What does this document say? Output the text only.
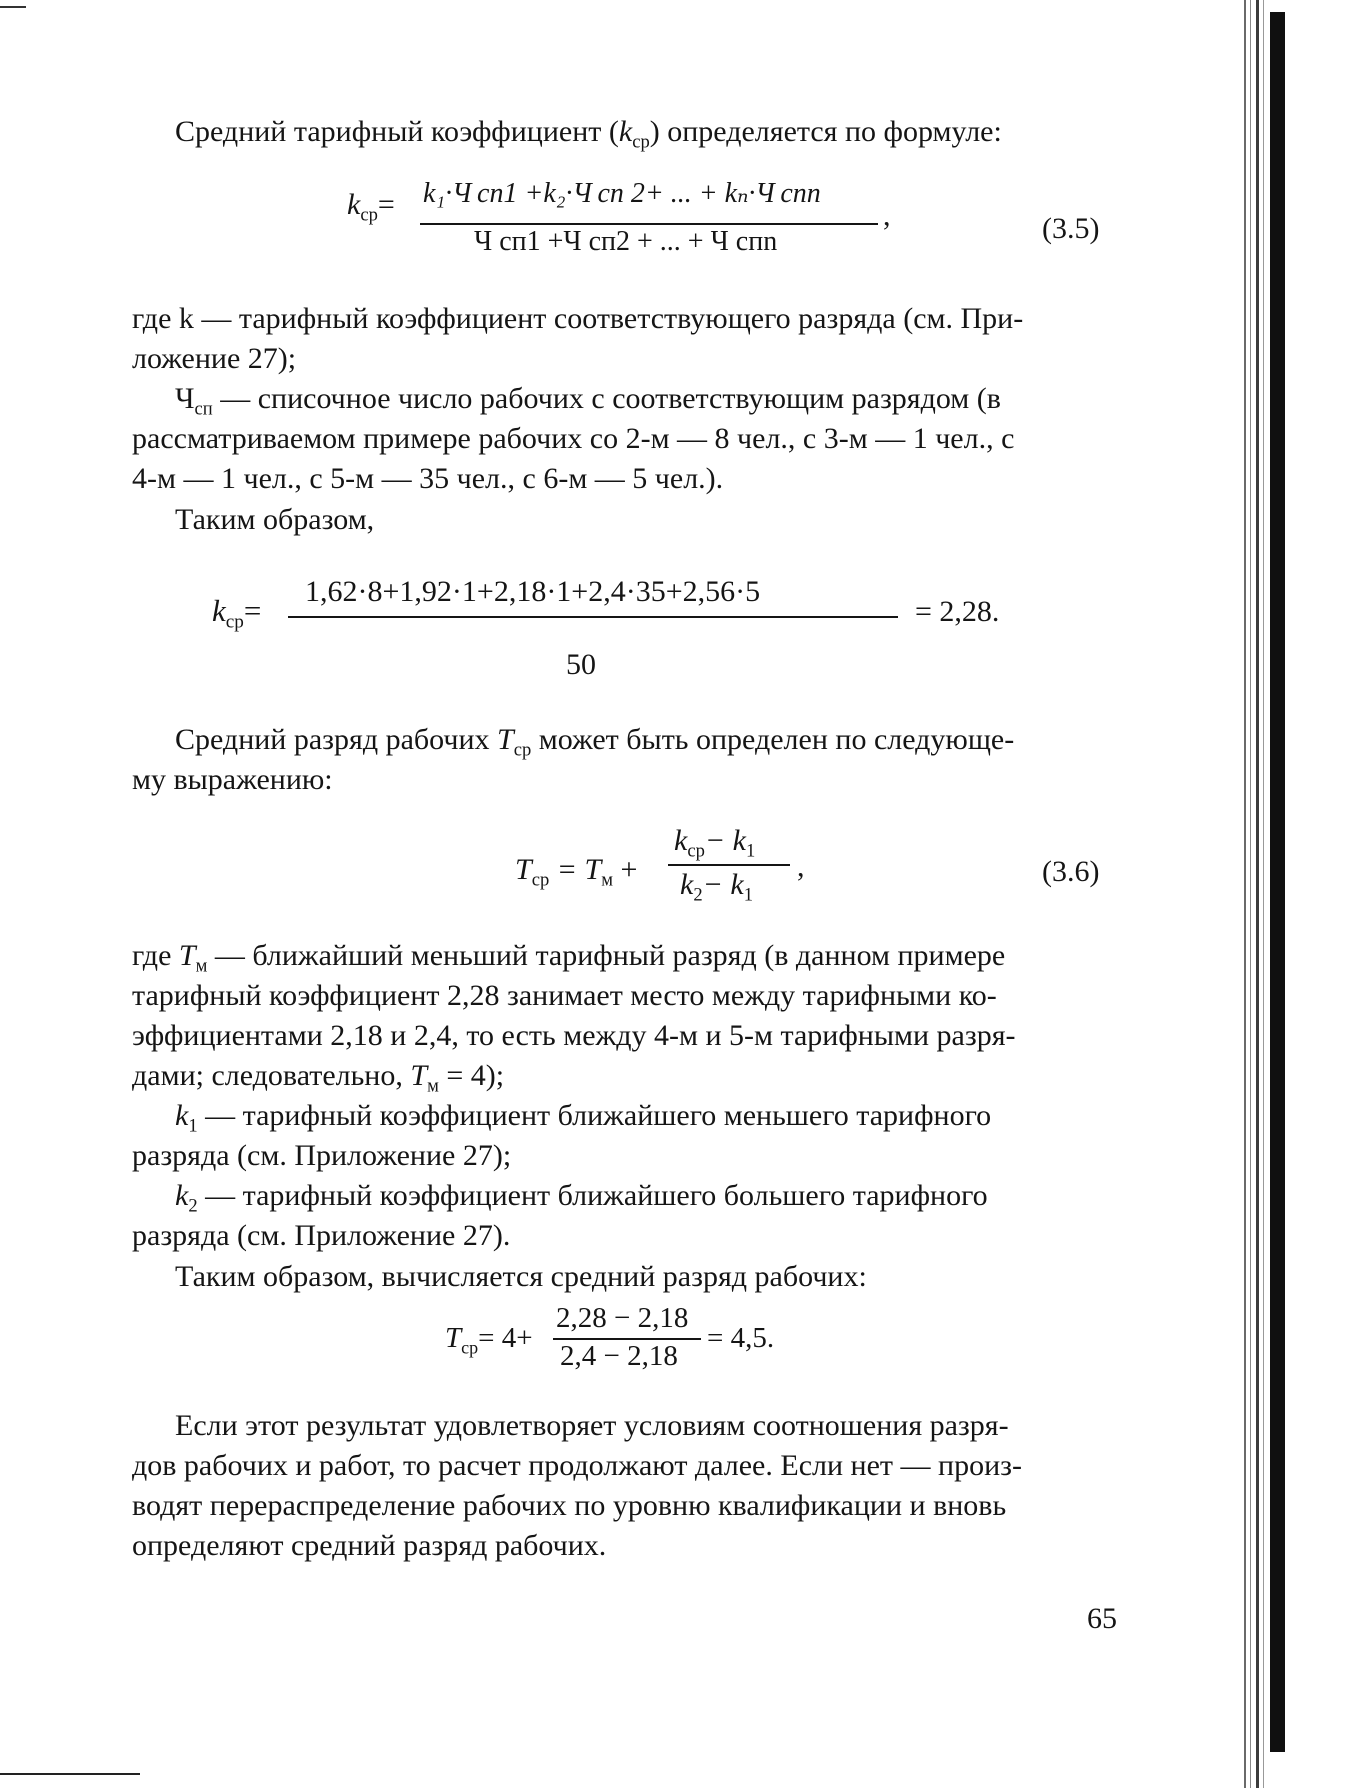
Средний тарифный коэффициент $(k_{ср})$ определяется по формуле:
$k_{ср}= k_1\cdot Ч$ сп1 +k₂·Ч сп 2+ ... + kₙ·Ч спn
Ч сп1 +Ч сп2 + ... + Ч спn
,	(3.5)
где k — тарифный коэффициент соответствующего разряда (см. При-
ложение 27);
$Ч_{сп}$ — списочное число рабочих с соответствующим разрядом (в
рассматриваемом примере рабочих со 2-м — 8 чел., с 3-м — 1 чел., с
4-м — 1 чел., с 5-м — 35 чел., с 6-м — 5 чел.).
Таким образом,
$k_{ср}=$
1,62·8+1,92·1+2,18·1+2,4·35+2,56·5
50
= 2,28.
Средний разряд рабочих $T_{ср}$ может быть определен по следующе-
му выражению:
$T_{ср} = T_м$ +
$k_{ср}- k_1$
$k_2- k_1$
,	(3.6)
где $T_м$ — ближайший меньший тарифный разряд (в данном примере
тарифный коэффициент 2,28 занимает место между тарифными ко-
эффициентами 2,18 и 2,4, то есть между 4-м и 5-м тарифными разря-
дами; следовательно, $T_м = 4$);
$k_1$ — тарифный коэффициент ближайшего меньшего тарифного
разряда (см. Приложение 27);
$k_2$ — тарифный коэффициент ближайшего большего тарифного
разряда (см. Приложение 27).
Таким образом, вычисляется средний разряд рабочих:
$T_{ср}= 4+$
2,28 − 2,18
2,4 − 2,18
= 4,5.
Если этот результат удовлетворяет условиям соотношения разря-
дов рабочих и работ, то расчет продолжают далее. Если нет — произ-
водят перераспределение рабочих по уровню квалификации и вновь
определяют средний разряд рабочих.
65
